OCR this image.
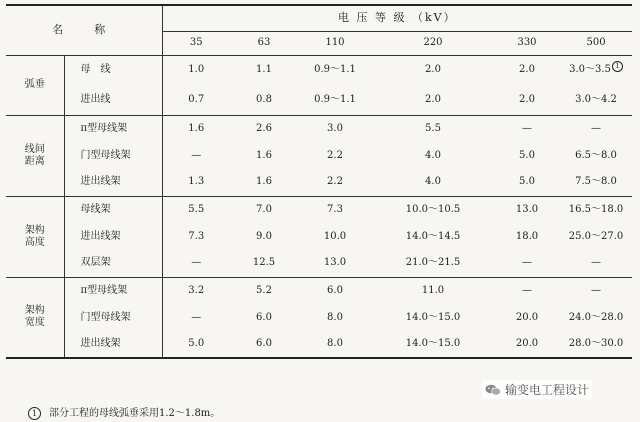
名　称		电 压 等 级 （kV）					
		35	63	110	220	330	500
弧垂	母　线	1.0	1.1	0.9～1.1	2.0	2.0	3.0～3.5 1
	进出线	0.7	0.8	0.9～1.1	2.0	2.0	3.0～4.2
线间距离	π型母线架	1.6	2.6	3.0	5.5	—	—
	门型母线架	—	1.6	2.2	4.0	5.0	6.5～8.0
	进出线架	1.3	1.6	2.2	4.0	5.0	7.5～8.0
架构高度	母线架	5.5	7.0	7.3	10.0～10.5	13.0	16.5～18.0
	进出线架	7.3	9.0	10.0	14.0～14.5	18.0	25.0～27.0
	双层架	—	12.5	13.0	21.0～21.5	—	—
架构宽度	π型母线架	3.2	5.2	6.0	11.0	—	—
	门型母线架	—	6.0	8.0	14.0～15.0	20.0	24.0～28.0
	进出线架	5.0	6.0	8.0	14.0～15.0	20.0	28.0～30.0
1 部分工程的母线弧垂采用1.2～1.8m。
输变电工程设计
